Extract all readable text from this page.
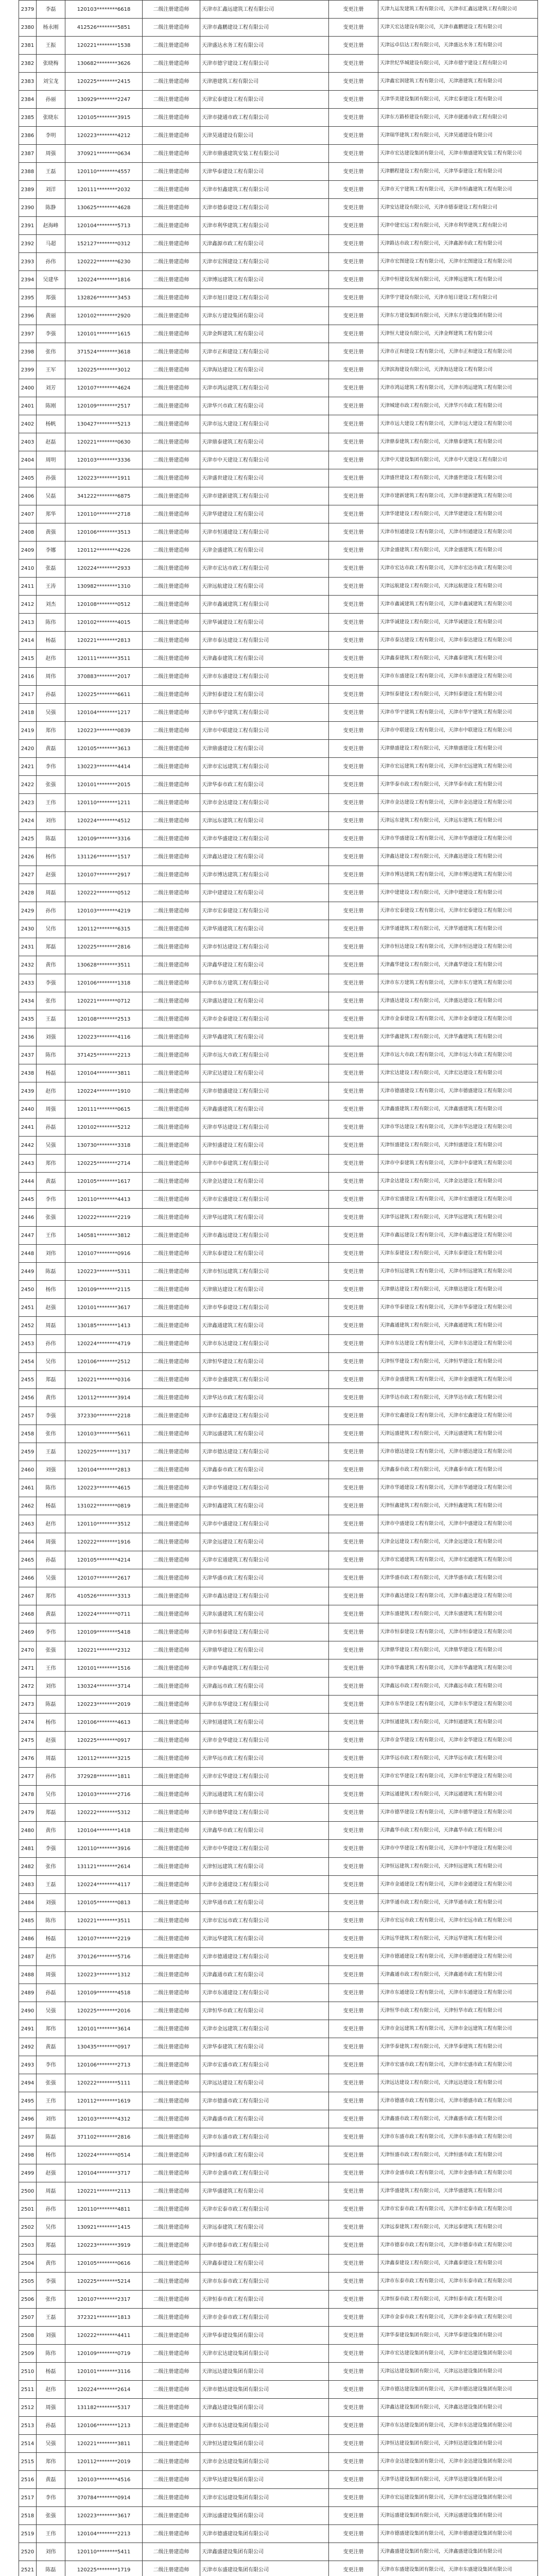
2379	李磊	120103********6618	二级注册建造师	天津市汇鑫远建筑工程有限公司	变更注册	天津九运发建筑工程有限公司，天津市汇鑫远建筑工程有限公司
2380	杨永刚	412526********5851	二级注册建造师	天津市鑫鹏建设工程有限公司	变更注册	天津天宏达建设有限公司，天津市鑫鹏建设工程有限公司
2381	王振	120221********1538	二级注册建造师	天津盛达水务工程有限公司	变更注册	天津远卓信达工程有限公司，天津盛达水务工程有限公司
2382	张晓梅	130682********3626	二级注册建造师	天津市德宇建设工程有限公司	变更注册	天津世纪华城建设有限公司，天津市德宇建设工程有限公司
2383	刘宝龙	120225********2415	二级注册建造师	天津港建筑工程有限公司	变更注册	天津鑫宏润建筑工程有限公司，天津港建筑工程有限公司
2384	孙丽	130929********2247	二级注册建造师	天津宏泰建设工程有限公司	变更注册	天津华美建设集团有限公司，天津宏泰建设工程有限公司
2385	张晓东	120105********3915	二级注册建造师	天津市捷通市政工程有限公司	变更注册	天津东方路桥建设有限公司，天津市捷通市政工程有限公司
2386	李明	120223********4212	二级注册建造师	天津昊通建设有限公司	变更注册	天津瑞华建筑工程有限公司，天津昊通建设有限公司
2387	周强	370921********0634	二级注册建造师	天津市鼎盛建筑安装工程有限公司	变更注册	天津市宏达建设集团有限公司，天津市鼎盛建筑安装工程有限公司
2388	王磊	120110********4557	二级注册建造师	天津华泰建设工程有限公司	变更注册	天津鹏程建设工程有限公司，天津华泰建设工程有限公司
2389	刘洋	120111********2032	二级注册建造师	天津市恒鑫建筑工程有限公司	变更注册	天津市天宇建筑工程有限公司，天津市恒鑫建筑工程有限公司
2390	陈静	130625********4628	二级注册建造师	天津市德泰建设工程有限公司	变更注册	天津安达建设有限公司，天津市德泰建设工程有限公司
2391	赵海峰	120104********5713	二级注册建造师	天津市利华建筑工程有限公司	变更注册	天津中建宏远工程有限公司，天津市利华建筑工程有限公司
2392	马超	152127********0312	二级注册建造师	天津鑫源市政工程有限公司	变更注册	天津路达市政工程有限公司，天津鑫源市政工程有限公司
2393	孙伟	120222********6230	二级注册建造师	天津市宏图建设工程有限公司	变更注册	天津市宏图建设工程有限公司，天津市宏图建设工程有限公司
2394	吴建华	120224********1816	二级注册建造师	天津博远建筑工程有限公司	变更注册	天津中恒建设发展有限公司，天津博远建筑工程有限公司
2395	郑强	132826********3453	二级注册建造师	天津市旭日建设工程有限公司	变更注册	天津华宇建设有限公司，天津市旭日建设工程有限公司
2396	黄丽	120102********2920	二级注册建造师	天津东方建设集团有限公司	变更注册	天津东方建设集团有限公司，天津东方建设集团有限公司
2397	李强	120101********1615	二级注册建造师	天津金辉建筑工程有限公司	变更注册	天津恒大建设有限公司，天津金辉建筑工程有限公司
2398	张伟	371524********3618	二级注册建造师	天津市正和建设工程有限公司	变更注册	天津市正和建设工程有限公司，天津市正和建设工程有限公司
2399	王军	120225********3012	二级注册建造师	天津海达建设工程有限公司	变更注册	天津滨海建设有限公司，天津海达建设工程有限公司
2400	刘芳	120107********4624	二级注册建造师	天津市鸿运建筑工程有限公司	变更注册	天津市鸿运建筑工程有限公司，天津市鸿运建筑工程有限公司
2401	陈刚	120109********2517	二级注册建造师	天津华兴市政工程有限公司	变更注册	天津城建市政工程有限公司，天津华兴市政工程有限公司
2402	杨帆	130427********5213	二级注册建造师	天津市远大建设工程有限公司	变更注册	天津市远大建设工程有限公司，天津市远大建设工程有限公司
2403	赵磊	120221********0630	二级注册建造师	天津鼎泰建筑工程有限公司	变更注册	天津鼎泰建筑工程有限公司，天津鼎泰建筑工程有限公司
2404	周明	120103********3336	二级注册建造师	天津市中天建设工程有限公司	变更注册	天津中天建设集团有限公司，天津市中天建设工程有限公司
2405	孙强	120223********1911	二级注册建造师	天津盛世建设工程有限公司	变更注册	天津盛世建设工程有限公司，天津盛世建设工程有限公司
2406	吴磊	341222********6875	二级注册建造师	天津市建新建筑工程有限公司	变更注册	天津市建新建筑工程有限公司，天津市建新建筑工程有限公司
2407	郑华	120110********2718	二级注册建造师	天津华建建设工程有限公司	变更注册	天津华建建设工程有限公司，天津华建建设工程有限公司
2408	黄强	120106********3513	二级注册建造师	天津市恒通建设工程有限公司	变更注册	天津市恒通建设工程有限公司，天津市恒通建设工程有限公司
2409	李娜	120112********4226	二级注册建造师	天津金盛建筑工程有限公司	变更注册	天津金盛建筑工程有限公司，天津金盛建筑工程有限公司
2410	张磊	120224********2933	二级注册建造师	天津市宏达市政工程有限公司	变更注册	天津市宏达市政工程有限公司，天津市宏达市政工程有限公司
2411	王涛	130982********1310	二级注册建造师	天津远航建设工程有限公司	变更注册	天津远航建设工程有限公司，天津远航建设工程有限公司
2412	刘杰	120108********0512	二级注册建造师	天津市鑫诚建筑工程有限公司	变更注册	天津市鑫诚建筑工程有限公司，天津市鑫诚建筑工程有限公司
2413	陈伟	120102********4015	二级注册建造师	天津华诚建设工程有限公司	变更注册	天津华诚建设工程有限公司，天津华诚建设工程有限公司
2414	杨磊	120221********2813	二级注册建造师	天津市泰达建设工程有限公司	变更注册	天津市泰达建设工程有限公司，天津市泰达建设工程有限公司
2415	赵伟	120111********3511	二级注册建造师	天津鑫泰建筑工程有限公司	变更注册	天津鑫泰建筑工程有限公司，天津鑫泰建筑工程有限公司
2416	周伟	370883********2017	二级注册建造师	天津市东盛建设工程有限公司	变更注册	天津市东盛建设工程有限公司，天津市东盛建设工程有限公司
2417	孙磊	120225********6611	二级注册建造师	天津恒泰建设工程有限公司	变更注册	天津恒泰建设工程有限公司，天津恒泰建设工程有限公司
2418	吴强	120104********1217	二级注册建造师	天津市华宇建筑工程有限公司	变更注册	天津市华宇建筑工程有限公司，天津市华宇建筑工程有限公司
2419	郑伟	120223********0839	二级注册建造师	天津市中联建设工程有限公司	变更注册	天津市中联建设工程有限公司，天津市中联建设工程有限公司
2420	黄磊	120105********3613	二级注册建造师	天津鼎盛建设工程有限公司	变更注册	天津鼎盛建设工程有限公司，天津鼎盛建设工程有限公司
2421	李伟	130223********4414	二级注册建造师	天津市宏远建筑工程有限公司	变更注册	天津市宏远建筑工程有限公司，天津市宏远建筑工程有限公司
2422	张强	120101********2015	二级注册建造师	天津华泰市政工程有限公司	变更注册	天津华泰市政工程有限公司，天津华泰市政工程有限公司
2423	王伟	120110********1211	二级注册建造师	天津市金达建设工程有限公司	变更注册	天津市金达建设工程有限公司，天津市金达建设工程有限公司
2424	刘伟	120224********4512	二级注册建造师	天津远东建筑工程有限公司	变更注册	天津远东建筑工程有限公司，天津远东建筑工程有限公司
2425	陈磊	120109********3316	二级注册建造师	天津市华盛建设工程有限公司	变更注册	天津市华盛建设工程有限公司，天津市华盛建设工程有限公司
2426	杨伟	131126********1517	二级注册建造师	天津鑫达建设工程有限公司	变更注册	天津鑫达建设工程有限公司，天津鑫达建设工程有限公司
2427	赵强	120107********2917	二级注册建造师	天津市博达建筑工程有限公司	变更注册	天津市博达建筑工程有限公司，天津市博达建筑工程有限公司
2428	周磊	120222********0512	二级注册建造师	天津中建建设工程有限公司	变更注册	天津中建建设工程有限公司，天津中建建设工程有限公司
2429	孙伟	120103********4219	二级注册建造师	天津市宏泰建设工程有限公司	变更注册	天津市宏泰建设工程有限公司，天津市宏泰建设工程有限公司
2430	吴伟	120112********6315	二级注册建造师	天津华通建筑工程有限公司	变更注册	天津华通建筑工程有限公司，天津华通建筑工程有限公司
2431	郑磊	120225********2816	二级注册建造师	天津市恒达建设工程有限公司	变更注册	天津市恒达建设工程有限公司，天津市恒达建设工程有限公司
2432	黄伟	130628********3511	二级注册建造师	天津鑫华建设工程有限公司	变更注册	天津鑫华建设工程有限公司，天津鑫华建设工程有限公司
2433	李强	120106********1318	二级注册建造师	天津市东方建筑工程有限公司	变更注册	天津市东方建筑工程有限公司，天津市东方建筑工程有限公司
2434	张伟	120221********0712	二级注册建造师	天津盛达建设工程有限公司	变更注册	天津盛达建设工程有限公司，天津盛达建设工程有限公司
2435	王磊	120108********2513	二级注册建造师	天津市金泰建设工程有限公司	变更注册	天津市金泰建设工程有限公司，天津市金泰建设工程有限公司
2436	刘强	120223********4116	二级注册建造师	天津华鑫建筑工程有限公司	变更注册	天津华鑫建筑工程有限公司，天津华鑫建筑工程有限公司
2437	陈伟	371425********2213	二级注册建造师	天津市远大市政工程有限公司	变更注册	天津市远大市政工程有限公司，天津市远大市政工程有限公司
2438	杨磊	120104********3811	二级注册建造师	天津宏达建设工程有限公司	变更注册	天津宏达建设工程有限公司，天津宏达建设工程有限公司
2439	赵伟	120224********1910	二级注册建造师	天津市德盛建设工程有限公司	变更注册	天津市德盛建设工程有限公司，天津市德盛建设工程有限公司
2440	周强	120111********0615	二级注册建造师	天津鑫盛建筑工程有限公司	变更注册	天津鑫盛建筑工程有限公司，天津鑫盛建筑工程有限公司
2441	孙磊	120102********5212	二级注册建造师	天津市华达建设工程有限公司	变更注册	天津市华达建设工程有限公司，天津市华达建设工程有限公司
2442	吴强	130730********3318	二级注册建造师	天津恒盛建设工程有限公司	变更注册	天津恒盛建设工程有限公司，天津恒盛建设工程有限公司
2443	郑伟	120225********2714	二级注册建造师	天津市中泰建筑工程有限公司	变更注册	天津市中泰建筑工程有限公司，天津市中泰建筑工程有限公司
2444	黄磊	120105********1617	二级注册建造师	天津金达建设工程有限公司	变更注册	天津金达建设工程有限公司，天津金达建设工程有限公司
2445	李伟	120110********4413	二级注册建造师	天津市宏盛建设工程有限公司	变更注册	天津市宏盛建设工程有限公司，天津市宏盛建设工程有限公司
2446	张强	120222********2219	二级注册建造师	天津华远建筑工程有限公司	变更注册	天津华远建筑工程有限公司，天津华远建筑工程有限公司
2447	王伟	140581********3812	二级注册建造师	天津市鑫远建设工程有限公司	变更注册	天津市鑫远建设工程有限公司，天津市鑫远建设工程有限公司
2448	刘伟	120107********0916	二级注册建造师	天津东泰建设工程有限公司	变更注册	天津东泰建设工程有限公司，天津东泰建设工程有限公司
2449	陈磊	120223********5311	二级注册建造师	天津市恒远建筑工程有限公司	变更注册	天津市恒远建筑工程有限公司，天津市恒远建筑工程有限公司
2450	杨伟	120109********2115	二级注册建造师	天津鼎达建设工程有限公司	变更注册	天津鼎达建设工程有限公司，天津鼎达建设工程有限公司
2451	赵强	120101********3617	二级注册建造师	天津市华泰建设工程有限公司	变更注册	天津市华泰建设工程有限公司，天津市华泰建设工程有限公司
2452	周磊	130185********1413	二级注册建造师	天津鑫通建筑工程有限公司	变更注册	天津鑫通建筑工程有限公司，天津鑫通建筑工程有限公司
2453	孙伟	120224********4719	二级注册建造师	天津市东达建设工程有限公司	变更注册	天津市东达建设工程有限公司，天津市东达建设工程有限公司
2454	吴伟	120106********2512	二级注册建造师	天津恒华建设工程有限公司	变更注册	天津恒华建设工程有限公司，天津恒华建设工程有限公司
2455	郑磊	120221********0316	二级注册建造师	天津市金盛建筑工程有限公司	变更注册	天津市金盛建筑工程有限公司，天津市金盛建筑工程有限公司
2456	黄伟	120112********3914	二级注册建造师	天津华达市政工程有限公司	变更注册	天津华达市政工程有限公司，天津华达市政工程有限公司
2457	李强	372330********2218	二级注册建造师	天津市宏鑫建设工程有限公司	变更注册	天津市宏鑫建设工程有限公司，天津市宏鑫建设工程有限公司
2458	张伟	120103********5611	二级注册建造师	天津远盛建筑工程有限公司	变更注册	天津远盛建筑工程有限公司，天津远盛建筑工程有限公司
2459	王磊	120225********1317	二级注册建造师	天津市德达建设工程有限公司	变更注册	天津市德达建设工程有限公司，天津市德达建设工程有限公司
2460	刘强	120104********2813	二级注册建造师	天津鑫泰市政工程有限公司	变更注册	天津鑫泰市政工程有限公司，天津鑫泰市政工程有限公司
2461	陈伟	120223********4615	二级注册建造师	天津市华通建设工程有限公司	变更注册	天津市华通建设工程有限公司，天津市华通建设工程有限公司
2462	杨磊	131022********0819	二级注册建造师	天津恒鑫建筑工程有限公司	变更注册	天津恒鑫建筑工程有限公司，天津恒鑫建筑工程有限公司
2463	赵伟	120110********3512	二级注册建造师	天津市中盛建设工程有限公司	变更注册	天津市中盛建设工程有限公司，天津市中盛建设工程有限公司
2464	周强	120222********1916	二级注册建造师	天津金远建设工程有限公司	变更注册	天津金远建设工程有限公司，天津金远建设工程有限公司
2465	孙磊	120105********4214	二级注册建造师	天津市宏通建筑工程有限公司	变更注册	天津市宏通建筑工程有限公司，天津市宏通建筑工程有限公司
2466	吴强	120107********2617	二级注册建造师	天津华盛市政工程有限公司	变更注册	天津华盛市政工程有限公司，天津华盛市政工程有限公司
2467	郑伟	410526********3313	二级注册建造师	天津市鑫达建设工程有限公司	变更注册	天津市鑫达建设工程有限公司，天津市鑫达建设工程有限公司
2468	黄磊	120224********0711	二级注册建造师	天津东盛建筑工程有限公司	变更注册	天津东盛建筑工程有限公司，天津东盛建筑工程有限公司
2469	李伟	120109********5418	二级注册建造师	天津市恒泰建设工程有限公司	变更注册	天津市恒泰建设工程有限公司，天津市恒泰建设工程有限公司
2470	张强	120221********2312	二级注册建造师	天津鼎华建设工程有限公司	变更注册	天津鼎华建设工程有限公司，天津鼎华建设工程有限公司
2471	王伟	120101********1516	二级注册建造师	天津市华鑫建筑工程有限公司	变更注册	天津市华鑫建筑工程有限公司，天津市华鑫建筑工程有限公司
2472	刘伟	130324********3714	二级注册建造师	天津鑫远市政工程有限公司	变更注册	天津鑫远市政工程有限公司，天津鑫远市政工程有限公司
2473	陈磊	120223********2019	二级注册建造师	天津市东华建设工程有限公司	变更注册	天津市东华建设工程有限公司，天津市东华建设工程有限公司
2474	杨伟	120106********4613	二级注册建造师	天津恒通建筑工程有限公司	变更注册	天津恒通建筑工程有限公司，天津恒通建筑工程有限公司
2475	赵强	120225********0917	二级注册建造师	天津市金华建设工程有限公司	变更注册	天津市金华建设工程有限公司，天津市金华建设工程有限公司
2476	周磊	120112********3215	二级注册建造师	天津华远市政工程有限公司	变更注册	天津华远市政工程有限公司，天津华远市政工程有限公司
2477	孙伟	372928********1811	二级注册建造师	天津市宏华建设工程有限公司	变更注册	天津市宏华建设工程有限公司，天津市宏华建设工程有限公司
2478	吴伟	120103********2716	二级注册建造师	天津远通建筑工程有限公司	变更注册	天津远通建筑工程有限公司，天津远通建筑工程有限公司
2479	郑磊	120222********5312	二级注册建造师	天津市德华建设工程有限公司	变更注册	天津市德华建设工程有限公司，天津市德华建设工程有限公司
2480	黄伟	120104********1418	二级注册建造师	天津鑫华市政工程有限公司	变更注册	天津鑫华市政工程有限公司，天津鑫华市政工程有限公司
2481	李强	120110********3916	二级注册建造师	天津市中华建设工程有限公司	变更注册	天津市中华建设工程有限公司，天津市中华建设工程有限公司
2482	张伟	131121********2614	二级注册建造师	天津恒远建筑工程有限公司	变更注册	天津恒远建筑工程有限公司，天津恒远建筑工程有限公司
2483	王磊	120224********4117	二级注册建造师	天津市金通建设工程有限公司	变更注册	天津市金通建设工程有限公司，天津市金通建设工程有限公司
2484	刘强	120105********0813	二级注册建造师	天津华通市政工程有限公司	变更注册	天津华通市政工程有限公司，天津华通市政工程有限公司
2485	陈伟	120221********3511	二级注册建造师	天津市宏远市政工程有限公司	变更注册	天津市宏远市政工程有限公司，天津市宏远市政工程有限公司
2486	杨磊	120107********2219	二级注册建造师	天津远华建筑工程有限公司	变更注册	天津远华建筑工程有限公司，天津远华建筑工程有限公司
2487	赵伟	370126********5716	二级注册建造师	天津市德通建设工程有限公司	变更注册	天津市德通建设工程有限公司，天津市德通建设工程有限公司
2488	周强	120223********1312	二级注册建造师	天津鑫通市政工程有限公司	变更注册	天津鑫通市政工程有限公司，天津鑫通市政工程有限公司
2489	孙磊	120109********4518	二级注册建造师	天津市东通建设工程有限公司	变更注册	天津市东通建设工程有限公司，天津市东通建设工程有限公司
2490	吴强	120225********2016	二级注册建造师	天津恒华市政工程有限公司	变更注册	天津恒华市政工程有限公司，天津恒华市政工程有限公司
2491	郑伟	120101********3614	二级注册建造师	天津市金远建筑工程有限公司	变更注册	天津市金远建筑工程有限公司，天津市金远建筑工程有限公司
2492	黄磊	130435********0917	二级注册建造师	天津华泰建筑工程有限公司	变更注册	天津华泰建筑工程有限公司，天津华泰建筑工程有限公司
2493	李伟	120106********2713	二级注册建造师	天津市宏盛市政工程有限公司	变更注册	天津市宏盛市政工程有限公司，天津市宏盛市政工程有限公司
2494	张强	120222********5111	二级注册建造师	天津远达建设工程有限公司	变更注册	天津远达建设工程有限公司，天津远达建设工程有限公司
2495	王伟	120112********1619	二级注册建造师	天津市德盛市政工程有限公司	变更注册	天津市德盛市政工程有限公司，天津市德盛市政工程有限公司
2496	刘伟	120103********4312	二级注册建造师	天津鑫盛市政工程有限公司	变更注册	天津鑫盛市政工程有限公司，天津鑫盛市政工程有限公司
2497	陈磊	371102********2816	二级注册建造师	天津市东盛市政工程有限公司	变更注册	天津市东盛市政工程有限公司，天津市东盛市政工程有限公司
2498	杨伟	120224********0514	二级注册建造师	天津恒盛市政工程有限公司	变更注册	天津恒盛市政工程有限公司，天津恒盛市政工程有限公司
2499	赵强	120104********3717	二级注册建造师	天津市金盛市政工程有限公司	变更注册	天津市金盛市政工程有限公司，天津市金盛市政工程有限公司
2500	周磊	120221********2113	二级注册建造师	天津华盛建筑工程有限公司	变更注册	天津华盛建筑工程有限公司，天津华盛建筑工程有限公司
2501	孙伟	120110********4811	二级注册建造师	天津市宏泰市政工程有限公司	变更注册	天津市宏泰市政工程有限公司，天津市宏泰市政工程有限公司
2502	吴伟	130921********1415	二级注册建造师	天津远泰建筑工程有限公司	变更注册	天津远泰建筑工程有限公司，天津远泰建筑工程有限公司
2503	郑磊	120223********3919	二级注册建造师	天津市德泰市政工程有限公司	变更注册	天津市德泰市政工程有限公司，天津市德泰市政工程有限公司
2504	黄伟	120105********0616	二级注册建造师	天津鑫泰建设工程有限公司	变更注册	天津鑫泰建设工程有限公司，天津鑫泰建设工程有限公司
2505	李强	120225********5214	二级注册建造师	天津市东泰市政工程有限公司	变更注册	天津市东泰市政工程有限公司，天津市东泰市政工程有限公司
2506	张伟	120107********2317	二级注册建造师	天津恒泰市政工程有限公司	变更注册	天津恒泰市政工程有限公司，天津恒泰市政工程有限公司
2507	王磊	372321********1813	二级注册建造师	天津市金泰市政工程有限公司	变更注册	天津市金泰市政工程有限公司，天津市金泰市政工程有限公司
2508	刘强	120222********4411	二级注册建造师	天津华泰建设集团有限公司	变更注册	天津华泰建设集团有限公司，天津华泰建设集团有限公司
2509	陈伟	120109********0719	二级注册建造师	天津市宏达建设集团有限公司	变更注册	天津市宏达建设集团有限公司，天津市宏达建设集团有限公司
2510	杨磊	120101********3116	二级注册建造师	天津远达建设集团有限公司	变更注册	天津远达建设集团有限公司，天津远达建设集团有限公司
2511	赵伟	120224********2614	二级注册建造师	天津市德达建设集团有限公司	变更注册	天津市德达建设集团有限公司，天津市德达建设集团有限公司
2512	周强	131182********5317	二级注册建造师	天津鑫达建设集团有限公司	变更注册	天津鑫达建设集团有限公司，天津鑫达建设集团有限公司
2513	孙磊	120106********1213	二级注册建造师	天津市东达建设集团有限公司	变更注册	天津市东达建设集团有限公司，天津市东达建设集团有限公司
2514	吴强	120221********3811	二级注册建造师	天津恒达建设集团有限公司	变更注册	天津恒达建设集团有限公司，天津恒达建设集团有限公司
2515	郑伟	120112********2019	二级注册建造师	天津市金达建设集团有限公司	变更注册	天津市金达建设集团有限公司，天津市金达建设集团有限公司
2516	黄磊	120103********4516	二级注册建造师	天津华达建设集团有限公司	变更注册	天津华达建设集团有限公司，天津华达建设集团有限公司
2517	李伟	370784********0914	二级注册建造师	天津市宏远建设集团有限公司	变更注册	天津市宏远建设集团有限公司，天津市宏远建设集团有限公司
2518	张强	120223********3617	二级注册建造师	天津远盛建设集团有限公司	变更注册	天津远盛建设集团有限公司，天津远盛建设集团有限公司
2519	王伟	120104********2213	二级注册建造师	天津市德盛建设集团有限公司	变更注册	天津市德盛建设集团有限公司，天津市德盛建设集团有限公司
2520	刘伟	120110********5411	二级注册建造师	天津鑫盛建设集团有限公司	变更注册	天津鑫盛建设集团有限公司，天津鑫盛建设集团有限公司
2521	陈磊	120225********1719	二级注册建造师	天津市东盛建设集团有限公司	变更注册	天津市东盛建设集团有限公司，天津市东盛建设集团有限公司
